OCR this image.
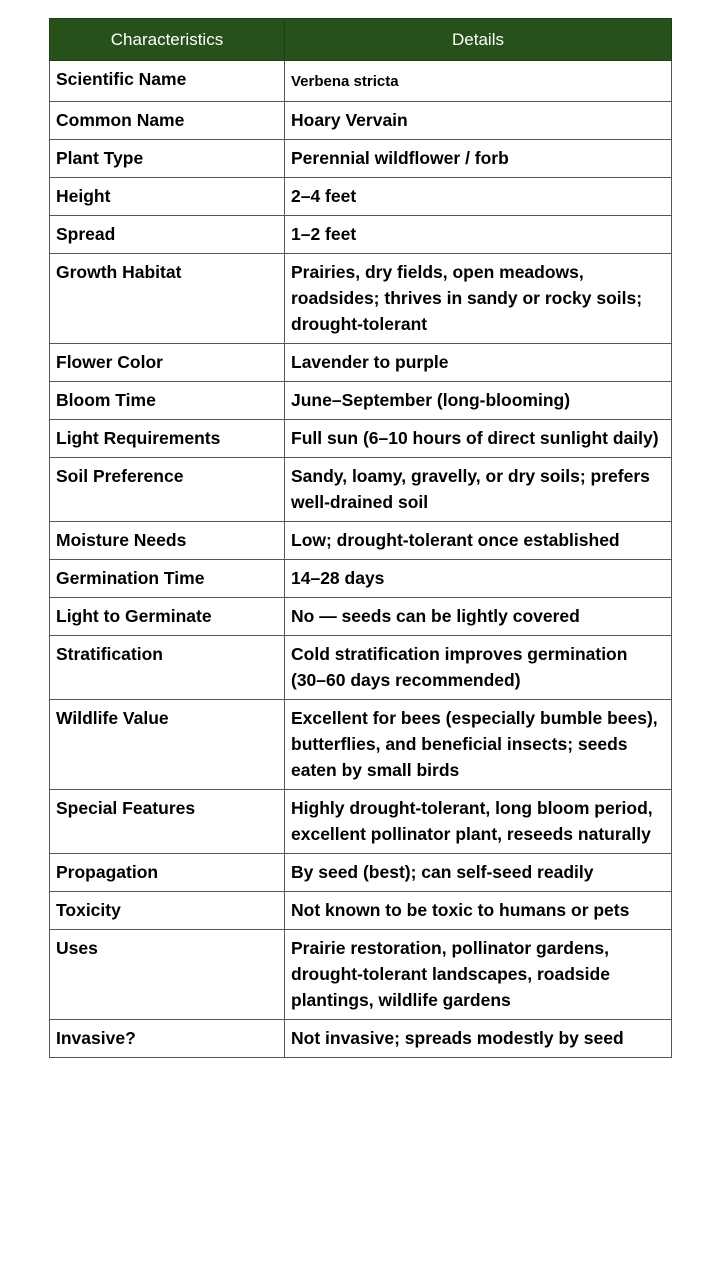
Characteristics	Details
Scientific Name	Verbena stricta
Common Name	Hoary Vervain
Plant Type	Perennial wildflower / forb
Height	2–4 feet
Spread	1–2 feet
Growth Habitat	Prairies, dry fields, open meadows, roadsides; thrives in sandy or rocky soils; drought-tolerant
Flower Color	Lavender to purple
Bloom Time	June–September (long-blooming)
Light Requirements	Full sun (6–10 hours of direct sunlight daily)
Soil Preference	Sandy, loamy, gravelly, or dry soils; prefers well-drained soil
Moisture Needs	Low; drought-tolerant once established
Germination Time	14–28 days
Light to Germinate	No — seeds can be lightly covered
Stratification	Cold stratification improves germination (30–60 days recommended)
Wildlife Value	Excellent for bees (especially bumble bees), butterflies, and beneficial insects; seeds eaten by small birds
Special Features	Highly drought-tolerant, long bloom period, excellent pollinator plant, reseeds naturally
Propagation	By seed (best); can self-seed readily
Toxicity	Not known to be toxic to humans or pets
Uses	Prairie restoration, pollinator gardens, drought-tolerant landscapes, roadside plantings, wildlife gardens
Invasive?	Not invasive; spreads modestly by seed
